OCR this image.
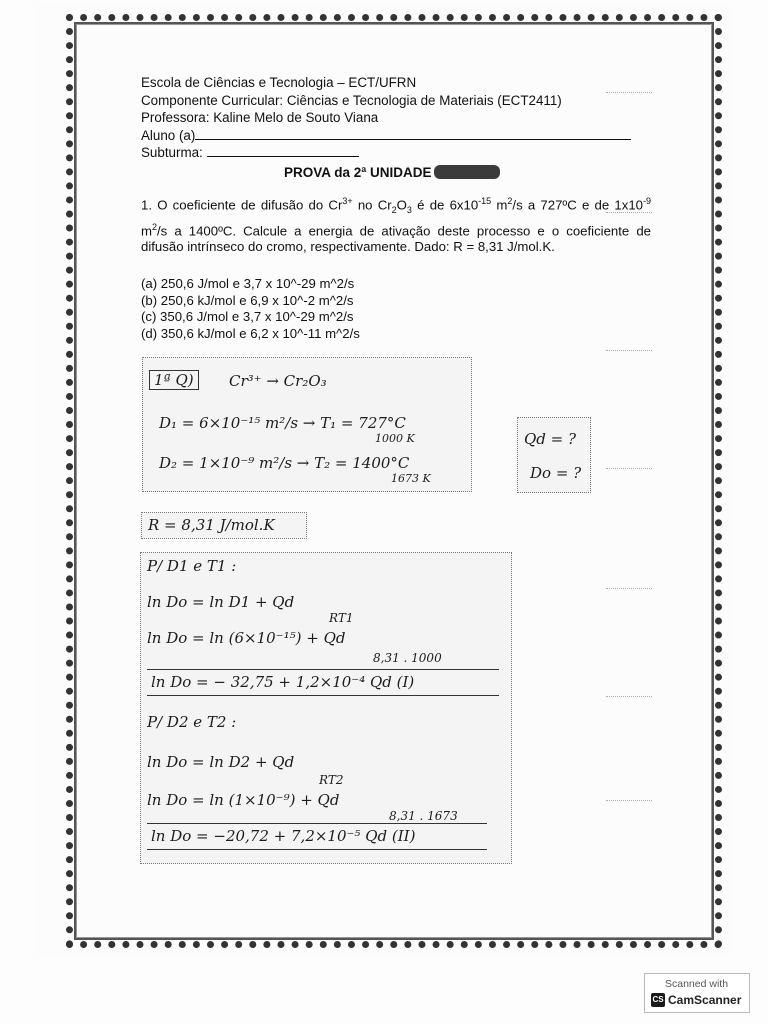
Escola de Ciências e Tecnologia – ECT/UFRN
Componente Curricular: Ciências e Tecnologia de Materiais (ECT2411)
Professora: Kaline Melo de Souto Viana
Aluno (a)
Subturma:
PROVA da 2ª UNIDADE
1. O coeficiente de difusão do $Cr^{3+}$ no $Cr_2O_3$ é de $6x10^{-15}$ $m^2/s$ a 727ºC e de $1x10^{-9}$ $m^2/s$ a 1400ºC. Calcule a energia de ativação deste processo e o coeficiente de difusão intrínseco do cromo, respectivamente. Dado: R = 8,31 J/mol.K.
(a) 250,6 J/mol e 3,7 x 10^-29 m^2/s
(b) 250,6 kJ/mol e 6,9 x 10^-2 m^2/s
(c) 350,6 J/mol e 3,7 x 10^-29 m^2/s
(d) 350,6 kJ/mol e 6,2 x 10^-11 m^2/s
1ª Q)	Cr³⁺ → Cr₂O₃
D₁ = 6×10⁻¹⁵ m²/s → T₁ = 727°C
1000 K
D₂ = 1×10⁻⁹ m²/s → T₂ = 1400°C
1673 K
Qd = ?
Do = ?
R = 8,31 J/mol.K
P/ D1 e T1 :
ln Do = ln D1 + Qd
RT1
ln Do = ln (6×10⁻¹⁵) + Qd
8,31 . 1000
ln Do = − 32,75 + 1,2×10⁻⁴ Qd (I)
P/ D2 e T2 :
ln Do = ln D2 + Qd
RT2
ln Do = ln (1×10⁻⁹) + Qd
8,31 . 1673
ln Do = −20,72 + 7,2×10⁻⁵ Qd (II)
Scanned with
CS CamScanner
